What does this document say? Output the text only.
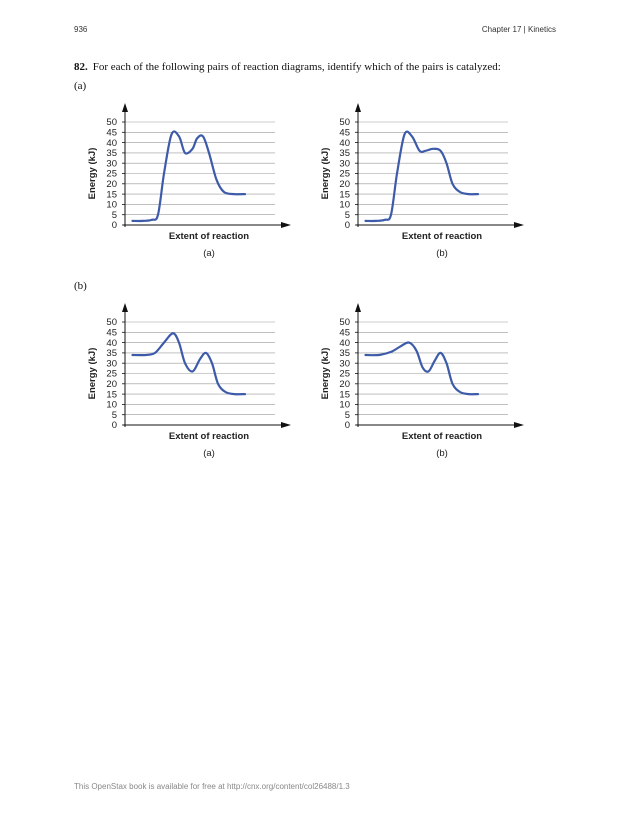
936	Chapter 17 | Kinetics
82. For each of the following pairs of reaction diagrams, identify which of the pairs is catalyzed:
(a)
(b)
0
5
10
15
20
25
30
35
40
45
50
Energy (kJ)
Extent of reaction
(a)
0
5
10
15
20
25
30
35
40
45
50
Energy (kJ)
Extent of reaction
(b)
0
5
10
15
20
25
30
35
40
45
50
Energy (kJ)
Extent of reaction
(a)
0
5
10
15
20
25
30
35
40
45
50
Energy (kJ)
Extent of reaction
(b)
This OpenStax book is available for free at http://cnx.org/content/col26488/1.3
